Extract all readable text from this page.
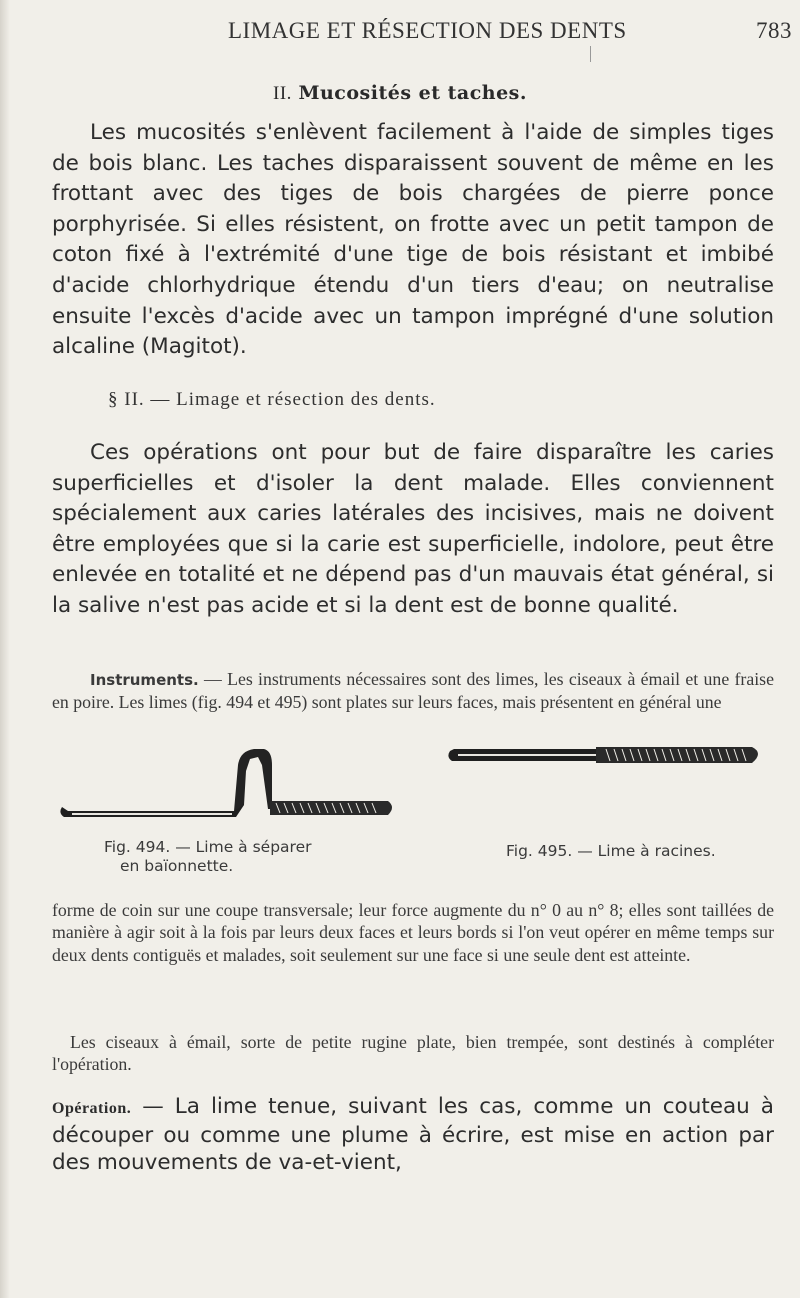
LIMAGE ET RÉSECTION DES DENTS	783
II. Mucosités et taches.

Les mucosités s'enlèvent facilement à l'aide de simples tiges de bois blanc. Les taches disparaissent souvent de même en les frottant avec des tiges de bois chargées de pierre ponce porphyrisée. Si elles résistent, on frotte avec un petit tampon de coton fixé à l'extrémité d'une tige de bois résistant et imbibé d'acide chlorhydrique étendu d'un tiers d'eau; on neutralise ensuite l'excès d'acide avec un tampon imprégné d'une solution alcaline (Magitot).

§ II. — Limage et résection des dents.

Ces opérations ont pour but de faire disparaître les caries superficielles et d'isoler la dent malade. Elles conviennent spécialement aux caries latérales des incisives, mais ne doivent être employées que si la carie est superficielle, indolore, peut être enlevée en totalité et ne dépend pas d'un mauvais état général, si la salive n'est pas acide et si la dent est de bonne qualité.

Instruments. — Les instruments nécessaires sont des limes, les ciseaux à émail et une fraise en poire. Les limes (fig. 494 et 495) sont plates sur leurs faces, mais présentent en général une

Fig. 494. — Lime à séparer
en baïonnette.
Fig. 495. — Lime à racines.

forme de coin sur une coupe transversale; leur force augmente du n° 0 au n° 8; elles sont taillées de manière à agir soit à la fois par leurs deux faces et leurs bords si l'on veut opérer en même temps sur deux dents contiguës et malades, soit seulement sur une face si une seule dent est atteinte.

Les ciseaux à émail, sorte de petite rugine plate, bien trempée, sont destinés à compléter l'opération.

Opération. — La lime tenue, suivant les cas, comme un couteau à découper ou comme une plume à écrire, est mise en action par des mouvements de va-et-vient,
